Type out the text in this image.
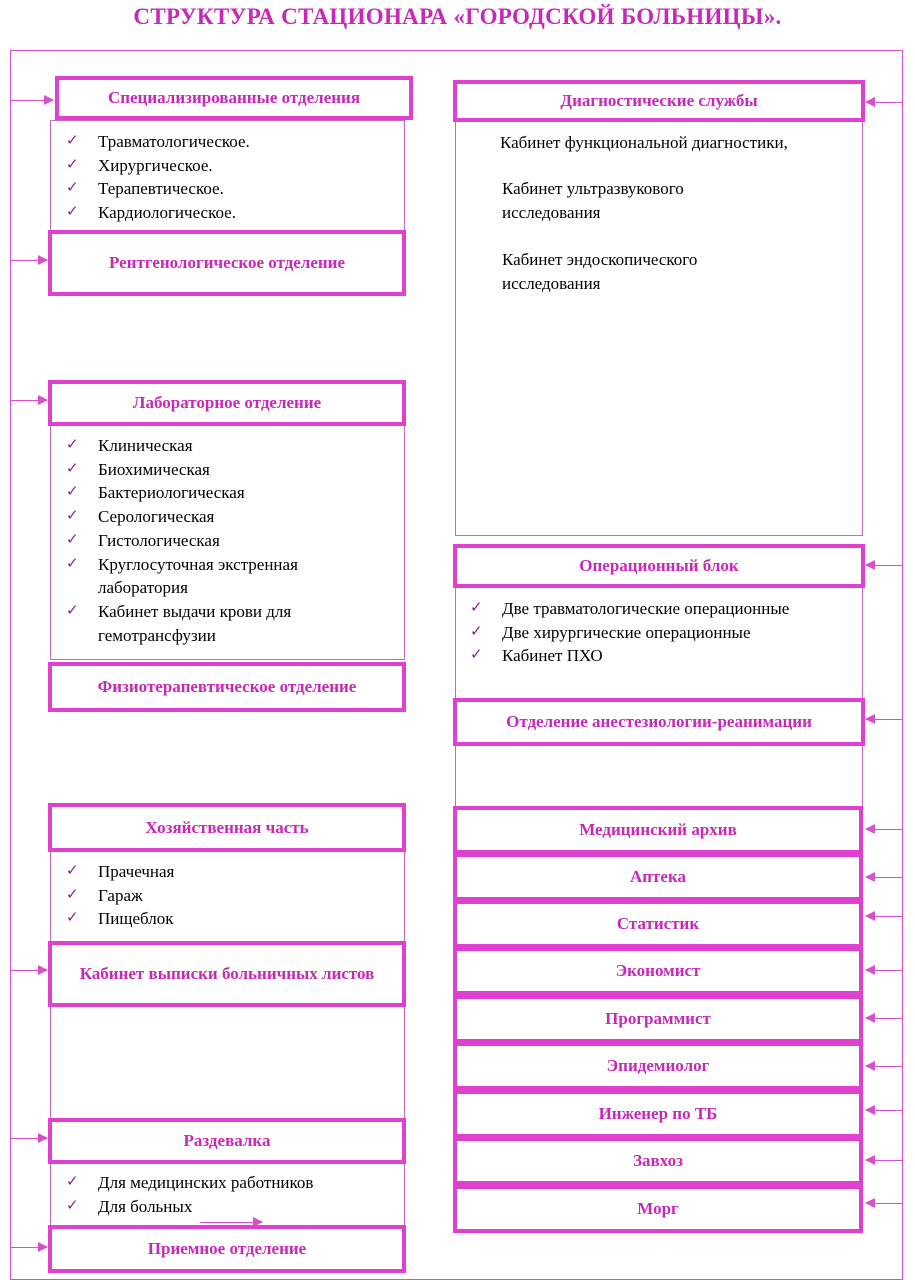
СТРУКТУРА СТАЦИОНАРА «ГОРОДСКОЙ БОЛЬНИЦЫ».
✓ Травматологическое.
✓ Хирургическое.
✓ Терапевтическое.
✓ Кардиологическое.
Специализированные отделения
Рентгенологическое отделение
✓ Клиническая
✓ Биохимическая
✓ Бактериологическая
✓ Серологическая
✓ Гистологическая
✓ Круглосуточная экстренная лаборатория
✓ Кабинет выдачи крови для гемотрансфузии
Лабораторное отделение
Физиотерапевтическое отделение
✓ Прачечная
✓ Гараж
✓ Пищеблок
Хозяйственная часть
Кабинет выписки больничных листов
✓ Для медицинских работников
✓ Для больных
Раздевалка
Приемное отделение
Кабинет функциональной диагностики,
Кабинет ультразвукового исследования
Кабинет эндоскопического исследования
Диагностические службы
✓ Две травматологические операционные
✓ Две хирургические операционные
✓ Кабинет ПХО
Операционный блок
Отделение анестезиологии-реанимации
Медицинский архив
Аптека
Статистик
Экономист
Программист
Эпидемиолог
Инженер по ТБ
Завхоз
Морг
